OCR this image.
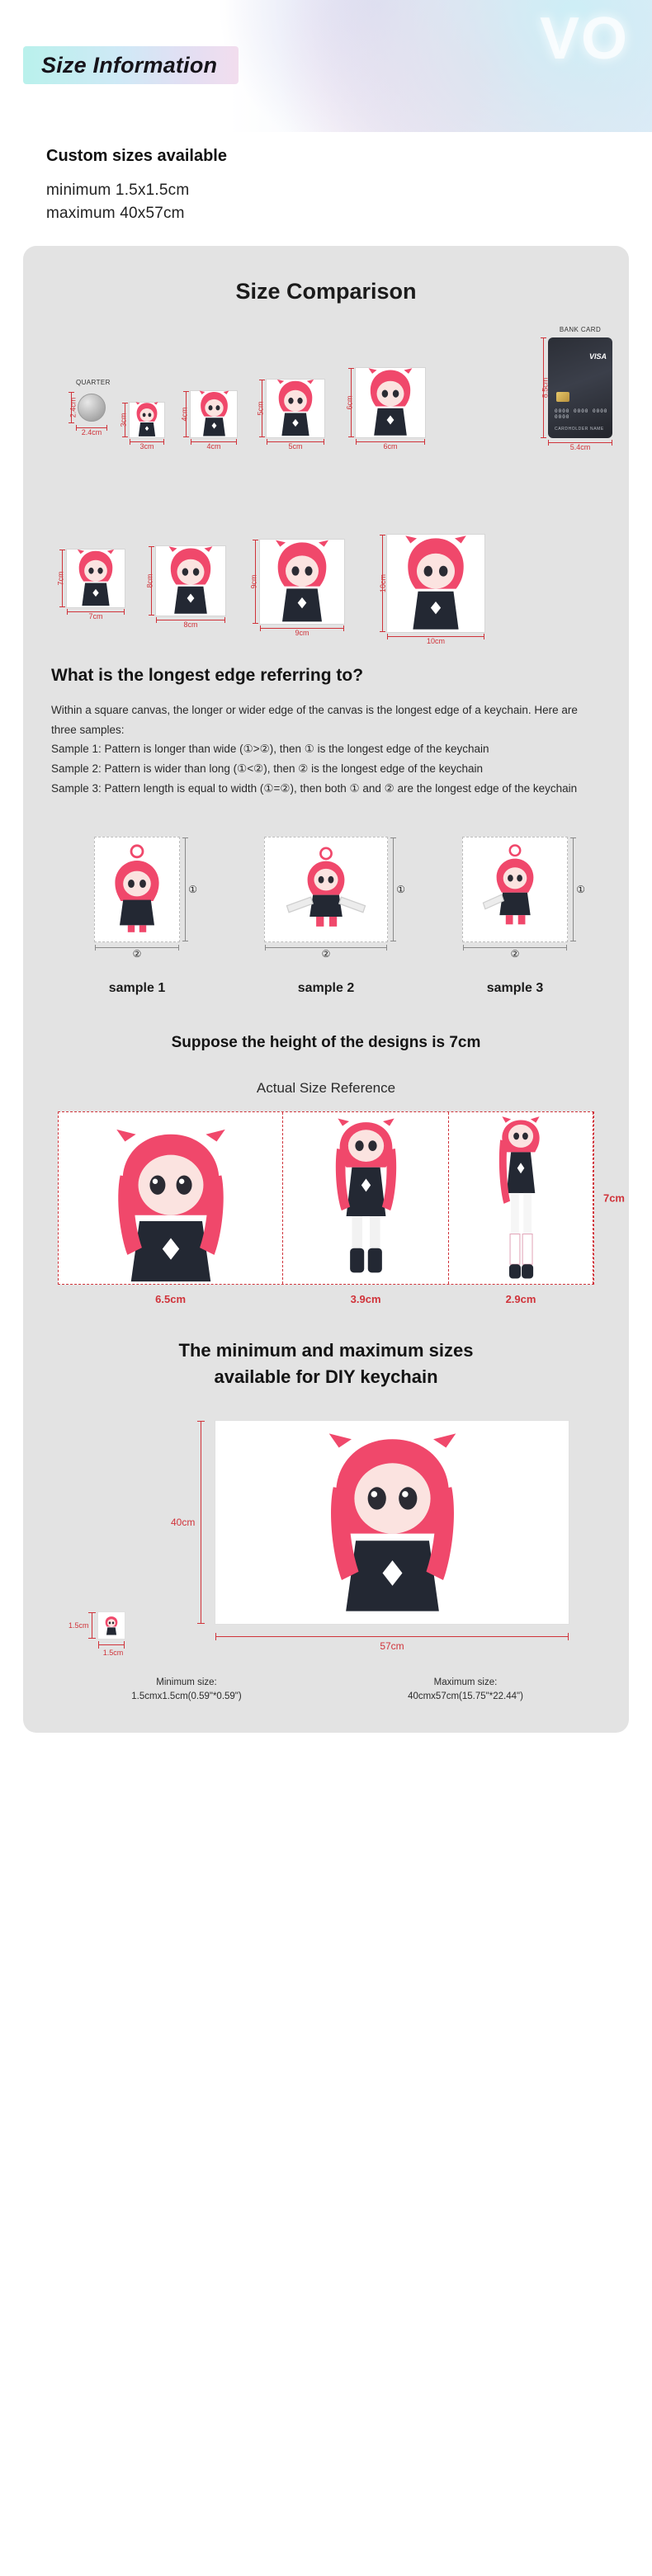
VO
Size Information
Custom sizes available
minimum 1.5x1.5cm
maximum 40x57cm
Size Comparison
QUARTER
2.4cm
2.4cm
3cm
3cm
4cm
4cm
5cm
5cm
6cm
6cm
BANK CARD
VISA
0000 0000 0000 0000
CARDHOLDER NAME
8.5cm
5.4cm
7cm
7cm
8cm
8cm
9cm
9cm
10cm
10cm
What is the longest edge referring to?
Within a square canvas, the longer or wider edge of the canvas is the longest edge of a keychain. Here are three samples:
Sample 1: Pattern is longer than wide (①>②), then ① is the longest edge of the keychain
Sample 2: Pattern is wider than long (①<②), then ② is the longest edge of the keychain
Sample 3: Pattern length is equal to width (①=②), then both ① and ② are the longest edge of the keychain
①
②
sample 1
①
②
sample 2
①
②
sample 3
Suppose the height of the designs is 7cm
Actual Size Reference
6.5cm	3.9cm	2.9cm
7cm
The minimum and maximum sizes
available for DIY keychain
40cm
57cm
1.5cm
1.5cm
Minimum size:
1.5cmx1.5cm(0.59"*0.59")
Maximum size:
40cmx57cm(15.75"*22.44")
